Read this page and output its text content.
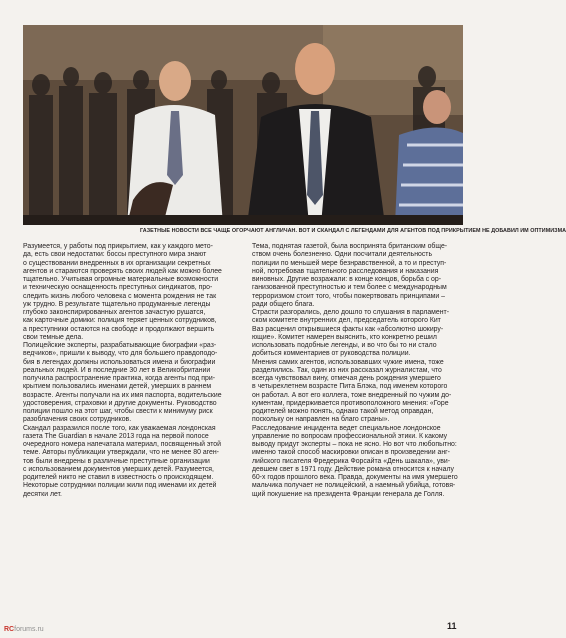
ГАЗЕТНЫЕ НОВОСТИ ВСЕ ЧАЩЕ ОГОРЧАЮТ АНГЛИЧАН. ВОТ И СКАНДАЛ С ЛЕГЕНДАМИ ДЛЯ АГЕНТОВ ПОД ПРИКРЫТИЕМ НЕ ДОБАВИЛ ИМ ОПТИМИЗМА

Разумеется, у работы под прикрытием, как у каждого мето-

да, есть свои недостатки: боссы преступного мира знают

о существовании внедренных в их организации секретных

агентов и стараются проверять своих людей как можно более

тщательно. Учитывая огромные материальные возможности

и техническую оснащенность преступных синдикатов, про-

следить жизнь любого человека с момента рождения не так

уж трудно. В результате тщательно продуманные легенды

глубоко законспирированных агентов зачастую рушатся,

как карточные домики: полиция теряет ценных сотрудников,

а преступники остаются на свободе и продолжают вершить

свои темные дела.

Полицейские эксперты, разрабатывающие биографии «раз-

ведчиков», пришли к выводу, что для большего правдоподо-

бия в легендах должны использоваться имена и биографии

реальных людей. И в последние 30 лет в Великобритании

получила распространение практика, когда агенты под при-

крытием пользовались именами детей, умерших в раннем

возрасте. Агенты получали на их имя паспорта, водительские

удостоверения, страховки и другие документы. Руководство

полиции пошло на этот шаг, чтобы свести к минимуму риск

разоблачения своих сотрудников.

Скандал разразился после того, как уважаемая лондонская

газета The Guardian в начале 2013 года на первой полосе

очередного номера напечатала материал, посвященный этой

теме. Авторы публикации утверждали, что не менее 80 аген-

тов были внедрены в различные преступные организации

с использованием документов умерших детей. Разумеется,

родителей никто не ставил в известность о происходящем.

Некоторые сотрудники полиции жили под именами их детей

десятки лет.

Тема, поднятая газетой, была воспринята британским обще-

ством очень болезненно. Одни посчитали деятельность

полиции по меньшей мере безнравственной, а то и преступ-

ной, потребовав тщательного расследования и наказания

виновных. Другие возражали: в конце концов, борьба с ор-

ганизованной преступностью и тем более с международным

терроризмом стоит того, чтобы пожертвовать принципами –

ради общего блага.

Страсти разгорались, дело дошло то слушания в парламент-

ском комитете внутренних дел, председатель которого Кит

Ваз расценил открывшиеся факты как «абсолютно шокиру-

ющие». Комитет намерен выяснить, кто конкретно решил

использовать подобные легенды, и во что бы то ни стало

добиться комментариев от руководства полиции.

Мнения самих агентов, использовавших чужие имена, тоже

разделились. Так, один из них рассказал журналистам, что

всегда чувствовал вину, отмечая день рождения умершего

в четырехлетнем возрасте Пита Блэка, под именем которого

он работал. А вот его коллега, тоже внедренный по чужим до-

кументам, придерживается противоположного мнения: «Горе

родителей можно понять, однако такой метод оправдан,

поскольку он направлен на благо страны».

Расследование инцидента ведет специальное лондонское

управление по вопросам профессиональной этики. К какому

выводу придут эксперты – пока не ясно. Но вот что любопытно:

именно такой способ маскировки описан в произведении анг-

лийского писателя Фредерика Форсайта «День шакала», уви-

девшем свет в 1971 году. Действие романа относится к началу

60-х годов прошлого века. Правда, документы на имя умершего

мальчика получает не полицейский, а наемный убийца, готовя-

щий покушение на президента Франции генерала де Голля.

RCforums.ru	11
